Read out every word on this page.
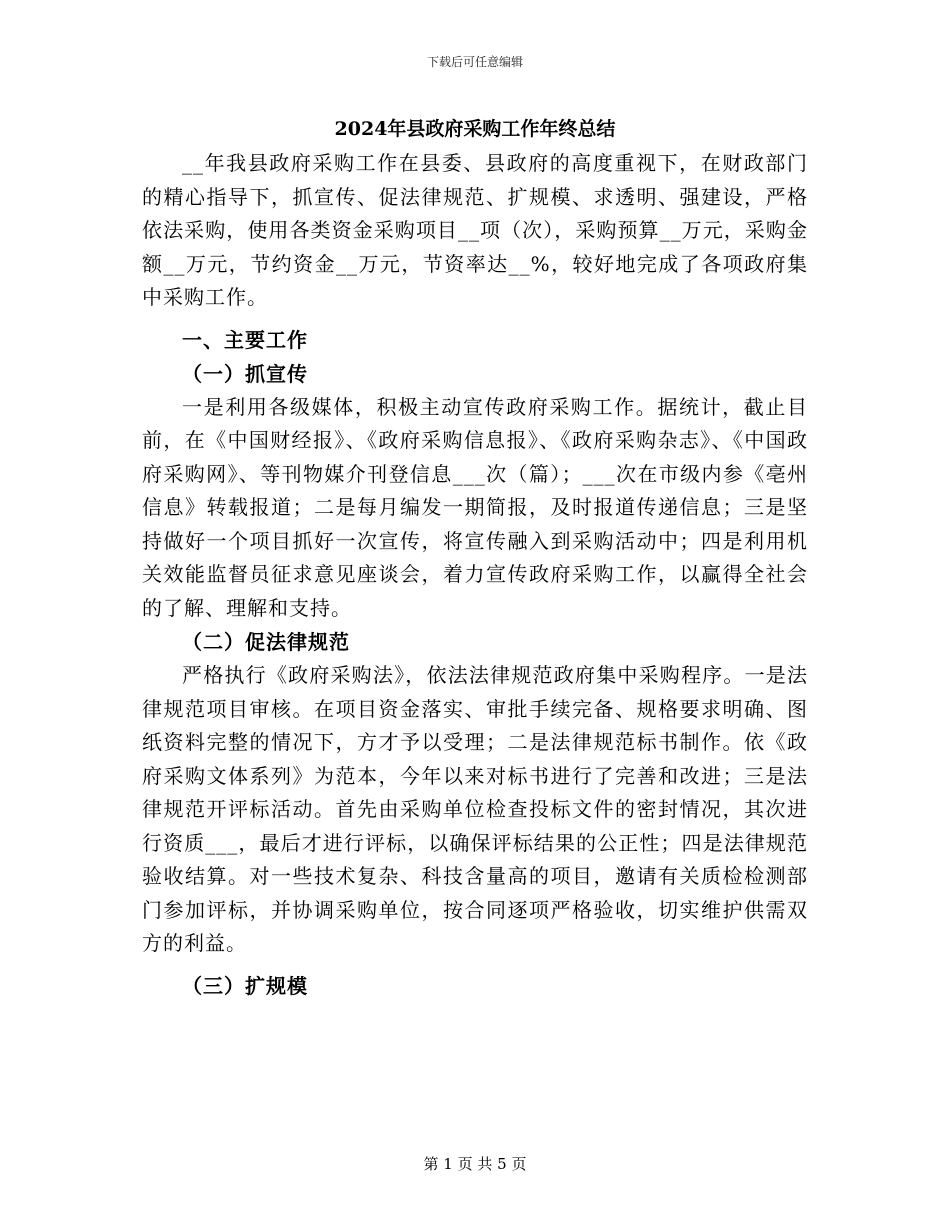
下载后可任意编辑
2024年县政府采购工作年终总结

__年我县政府采购工作在县委、县政府的高度重视下，在财政部门的精心指导下，抓宣传、促法律规范、扩规模、求透明、强建设，严格依法采购，使用各类资金采购项目__项（次），采购预算__万元，采购金额__万元，节约资金__万元，节资率达__%，较好地完成了各项政府集中采购工作。

一、主要工作

（一）抓宣传

一是利用各级媒体，积极主动宣传政府采购工作。据统计，截止目前，在《中国财经报》、《政府采购信息报》、《政府采购杂志》、《中国政府采购网》、等刊物媒介刊登信息___次（篇）；___次在市级内参《亳州信息》转载报道；二是每月编发一期简报，及时报道传递信息；三是坚持做好一个项目抓好一次宣传，将宣传融入到采购活动中；四是利用机关效能监督员征求意见座谈会，着力宣传政府采购工作，以赢得全社会的了解、理解和支持。

（二）促法律规范

严格执行《政府采购法》，依法法律规范政府集中采购程序。一是法律规范项目审核。在项目资金落实、审批手续完备、规格要求明确、图纸资料完整的情况下，方才予以受理；二是法律规范标书制作。依《政府采购文体系列》为范本，今年以来对标书进行了完善和改进；三是法律规范开评标活动。首先由采购单位检查投标文件的密封情况，其次进行资质___，最后才进行评标，以确保评标结果的公正性；四是法律规范验收结算。对一些技术复杂、科技含量高的项目，邀请有关质检检测部门参加评标，并协调采购单位，按合同逐项严格验收，切实维护供需双方的利益。

（三）扩规模

第 1 页 共 5 页
